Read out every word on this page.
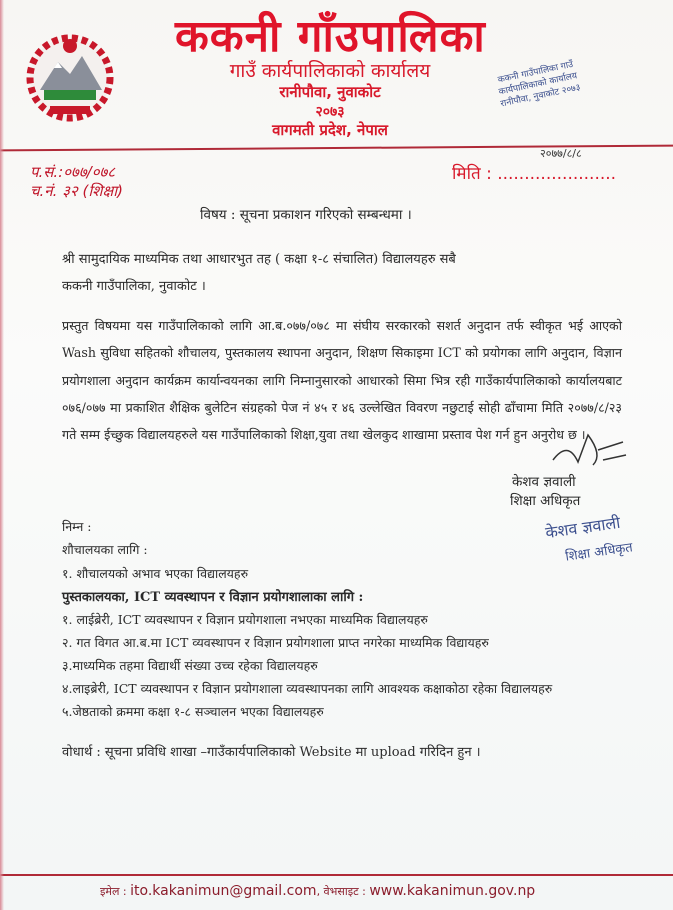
ककनी गाँउपालिका
गाउँ कार्यपालिकाको कार्यालय
रानीपौवा, नुवाकोट
२०७३
वागमती प्रदेश, नेपाल
ककनी गाउँपालिका गाउँ कार्यपालिकाको कार्यालय रानीपौवा, नुवाकोट २०७३
प.सं.:०७७/०७८
च.नं. ३२ (शिक्षा)
२०७७/८/८
मिति : ......................
विषय : सूचना प्रकाशन गरिएको सम्बन्धमा ।
श्री सामुदायिक माध्यमिक तथा आधारभुत तह ( कक्षा १-८ संचालित) विद्यालयहरु सबै
ककनी गाउँपालिका, नुवाकोट ।
प्रस्तुत विषयमा यस गाउँपालिकाको लागि आ.ब.०७७/०७८ मा संघीय सरकारको सशर्त अनुदान तर्फ स्वीकृत भई आएको Wash सुविधा सहितको शौचालय, पुस्तकालय स्थापना अनुदान, शिक्षण सिकाइमा ICT को प्रयोगका लागि अनुदान, विज्ञान प्रयोगशाला अनुदान कार्यक्रम कार्यान्वयनका लागि निम्नानुसारको आधारको सिमा भित्र रही गाउँकार्यपालिकाको कार्यालयबाट ०७६/०७७ मा प्रकाशित शैक्षिक बुलेटिन संग्रहको पेज नं ४५ र ४६ उल्लेखित विवरण नछुटाई सोही ढाँचामा मिति २०७७/८/२३ गते सम्म ईच्छुक विद्यालयहरुले यस गाउँपालिकाको शिक्षा,युवा तथा खेलकुद शाखामा प्रस्ताव पेश गर्न हुन अनुरोध छ ।
केशव ज्ञवाली
शिक्षा अधिकृत
केशव ज्ञवाली
शिक्षा अधिकृत
निम्न :
शौचालयका लागि :
१. शौचालयको अभाव भएका विद्यालयहरु
पुस्तकालयका, ICT व्यवस्थापन र विज्ञान प्रयोगशालाका लागि :
१. लाईब्रेरी, ICT व्यवस्थापन र विज्ञान प्रयोगशाला नभएका माध्यमिक विद्यालयहरु
२. गत विगत आ.ब.मा ICT व्यवस्थापन र विज्ञान प्रयोगशाला प्राप्त नगरेका माध्यमिक विद्यायहरु
३.माध्यमिक तहमा विद्यार्थी संख्या उच्च रहेका विद्यालयहरु
४.लाइब्रेरी, ICT व्यवस्थापन र विज्ञान प्रयोगशाला व्यवस्थापनका लागि आवश्यक कक्षाकोठा रहेका विद्यालयहरु
५.जेष्ठताको क्रममा कक्षा १-८ सञ्चालन भएका विद्यालयहरु
वोधार्थ : सूचना प्रविधि शाखा –गाउँकार्यपालिकाको Website मा upload गरिदिन हुन ।
इमेल : ito.kakanimun@gmail.com, वेभसाइट : www.kakanimun.gov.np
